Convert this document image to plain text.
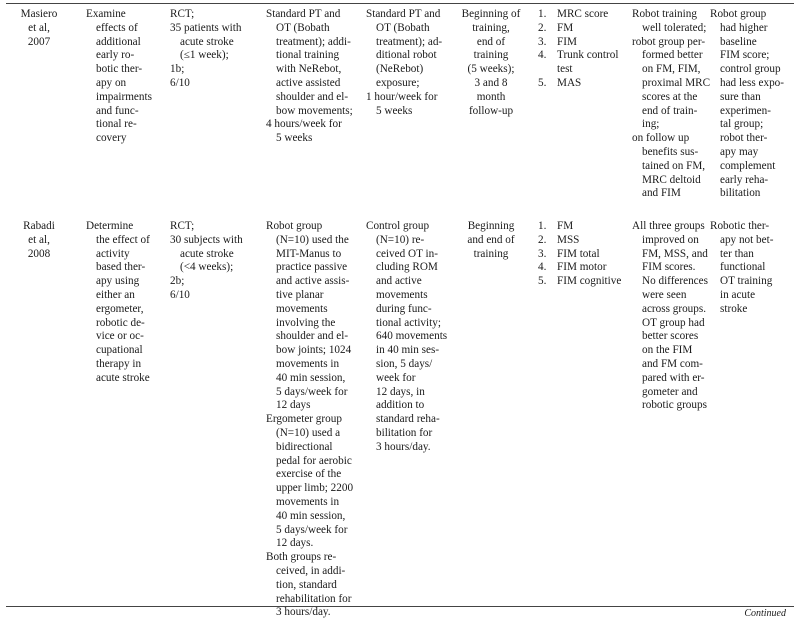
Masiero
et al,
2007
Examine
effects of
additional
early ro-
botic ther-
apy on
impairments
and func-
tional re-
covery
RCT;
35 patients with
acute stroke
(≤1 week);
1b;
6/10
Standard PT and
OT (Bobath
treatment); addi-
tional training
with NeRebot,
active assisted
shoulder and el-
bow movements;
4 hours/week for
5 weeks
Standard PT and
OT (Bobath
treatment); ad-
ditional robot
(NeRebot)
exposure;
1 hour/week for
5 weeks
Beginning of
training,
end of
training
(5 weeks);
3 and 8
month
follow-up
1. MRC score
2. FM
3. FIM
4. Trunk control
test
5. MAS
Robot training
well tolerated;
robot group per-
formed better
on FM, FIM,
proximal MRC
scores at the
end of train-
ing;
on follow up
benefits sus-
tained on FM,
MRC deltoid
and FIM
Robot group
had higher
baseline
FIM score;
control group
had less expo-
sure than
experimen-
tal group;
robot ther-
apy may
complement
early reha-
bilitation
Rabadi
et al,
2008
Determine
the effect of
activity
based ther-
apy using
either an
ergometer,
robotic de-
vice or oc-
cupational
therapy in
acute stroke
RCT;
30 subjects with
acute stroke
(<4 weeks);
2b;
6/10
Robot group
(N=10) used the
MIT-Manus to
practice passive
and active assis-
tive planar
movements
involving the
shoulder and el-
bow joints; 1024
movements in
40 min session,
5 days/week for
12 days
Ergometer group
(N=10) used a
bidirectional
pedal for aerobic
exercise of the
upper limb; 2200
movements in
40 min session,
5 days/week for
12 days.
Both groups re-
ceived, in addi-
tion, standard
rehabilitation for
3 hours/day.
Control group
(N=10) re-
ceived OT in-
cluding ROM
and active
movements
during func-
tional activity;
640 movements
in 40 min ses-
sion, 5 days/
week for
12 days, in
addition to
standard reha-
bilitation for
3 hours/day.
Beginning
and end of
training
1. FM
2. MSS
3. FIM total
4. FIM motor
5. FIM cognitive
All three groups
improved on
FM, MSS, and
FIM scores.
No differences
were seen
across groups.
OT group had
better scores
on the FIM
and FM com-
pared with er-
gometer and
robotic groups
Robotic ther-
apy not bet-
ter than
functional
OT training
in acute
stroke
Continued
